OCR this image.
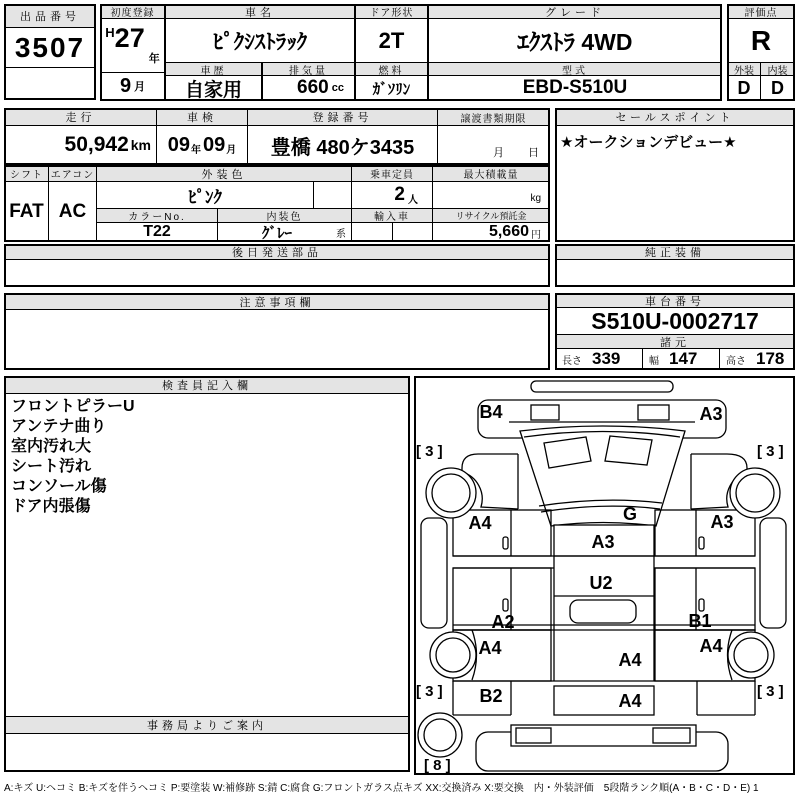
出品番号
3507
初度登録
H 27
年
9 月
車名
ﾋﾟｸｼｽﾄﾗｯｸ
車歴
自家用
排気量
660 cc
ドア形状
2T
燃料
ｶﾞｿﾘﾝ
グレード
ｴｸｽﾄﾗ 4WD
型式
EBD-S510U
評価点
R
外装	内装
D	D
走行
50,942 km
車検
09 年 09 月
登録番号
豊橋 480ケ3435
譲渡書類期限
月 日
セールスポイント
★オークションデビュー★
シフト
FAT
エアコン
AC
外装色
ﾋﾟﾝｸ
カラーNo.
T22
内装色
ｸﾞﾚｰ	系
乗車定員
2 人
輸入車
最大積載量
kg
リサイクル預託金
5,660 円
後日発送部品	純正装備
注意事項欄	車台番号
S510U-0002717
諸元
長さ 339	幅 147	高さ 178
検査員記入欄
フロントピラーU
アンテナ曲り
室内汚れ大
シート汚れ
コンソール傷
ドア内張傷
事務局よりご案内
B4	A3
G
A4	A3
A3
U2
A2	B1
A4	A4
A4
B2	A4
[ 3 ]	[ 3 ]
[ 3 ]	[ 3 ]
[ 8 ]
A:キズ U:ヘコミ B:キズを伴うヘコミ P:要塗装 W:補修跡 S:錆 C:腐食 G:フロントガラス点キズ XX:交換済み X:要交換　内・外装評価　5段階ランク順(A・B・C・D・E) 1
